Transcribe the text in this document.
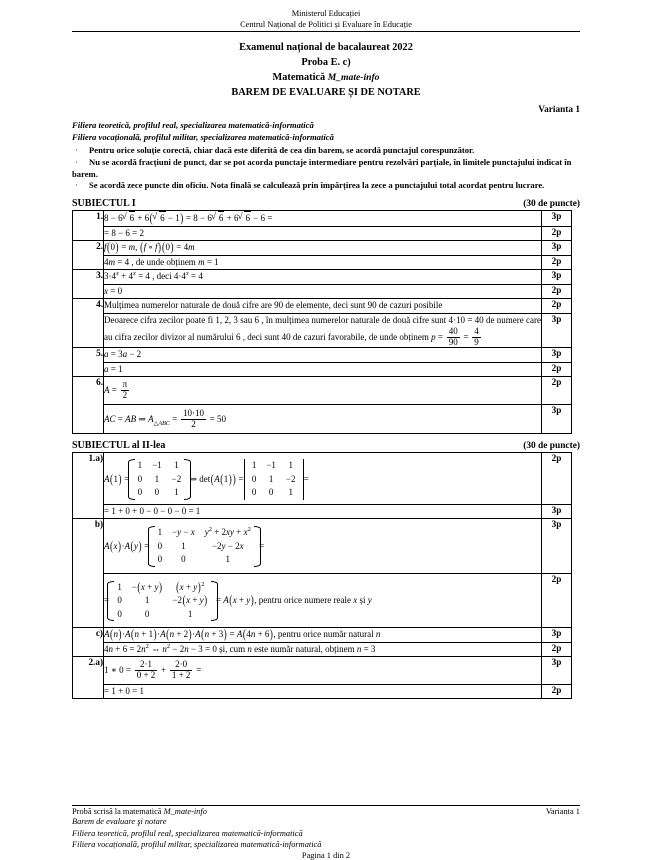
Ministerul Educației
Centrul Național de Politici și Evaluare în Educație
Examenul național de bacalaureat 2022
Proba E. c)
Matematică M_mate-info
BAREM DE EVALUARE ȘI DE NOTARE
Varianta 1
Filiera teoretică, profilul real, specializarea matematică-informatică
Filiera vocațională, profilul militar, specializarea matematică-informatică
· Pentru orice soluție corectă, chiar dacă este diferită de cea din barem, se acordă punctajul corespunzător.
· Nu se acordă fracțiuni de punct, dar se pot acorda punctaje intermediare pentru rezolvări parțiale, în limitele punctajului indicat în barem.
· Se acordă zece puncte din oficiu. Nota finală se calculează prin împărțirea la zece a punctajului total acordat pentru lucrare.
SUBIECTUL I	(30 de puncte)
1.	8 − 6 √ 6 + 6( √ 6 − 1) = 8 − 6 √ 6 + 6 √ 6 − 6 =	3p
	= 8 − 6 = 2	2p
2.	f(0) = m, (f ∘ f)(0) = 4m	3p
	4m = 4 , de unde obținem m = 1	2p
3.	$3\cdot 4^x + 4^x = 4$ , deci $4\cdot 4^x = 4$	3p
	x = 0	2p
4.	Mulțimea numerelor naturale de două cifre are 90 de elemente, deci sunt 90 de cazuri posibile	2p
Deoarece cifra zecilor poate fi 1, 2, 3 sau 6 , în mulțimea numerelor naturale de două cifre sunt 4·10 = 40 de numere care au cifra zecilor divizor al numărului 6 , deci sunt 40 de cazuri favorabile, de unde obținem $p = \frac{40}{90} = \frac{4}{9}$
	3p
5.	a = 3a − 2	3p
	a = 1	2p
6.	$A = \frac{\pi}{2}$	2p
	AC = AB ⇒ $A_{\triangle ABC} = \frac{10\cdot 10}{2} = 50$	3p
SUBIECTUL al II-lea	(30 de puncte)
1.a)	A(1) =
1	−1	1
0	1	−2
0	0	1
⇒ det(A(1)) =
1	−1	1
0	1	−2
0	0	1
=	2p
= 1 + 0 + 0 − 0 − 0 − 0 = 1	3p
b)	A(x)·A(y) =
1	−y − x	$y^2 + 2xy + x^2$
0	1	−2y − 2x
0	0	1
=	3p
=
1	−(x + y)	$(x + y)^2$
0	1	−2(x + y)
0	0	1
= A(x + y), pentru orice numere reale x și y	2p
c)	A(n)·A(n + 1)·A(n + 2)·A(n + 3) = A(4n + 6), pentru orice număr natural n	3p
$4n + 6 = 2n^2$ ⇔ $n^2 - 2n - 3 = 0$ și, cum n este număr natural, obținem n = 3	2p
2.a)	1 ∗ $0 = \frac{2\cdot 1}{0 + 2} + \frac{2\cdot 0}{1 + 2}$ =	3p
= 1 + 0 = 1	2p
Probă scrisă la matematică M_mate-info	Varianta 1
Barem de evaluare şi notare
Filiera teoretică, profilul real, specializarea matematică-informatică
Filiera vocațională, profilul militar, specializarea matematică-informatică
Pagina 1 din 2
